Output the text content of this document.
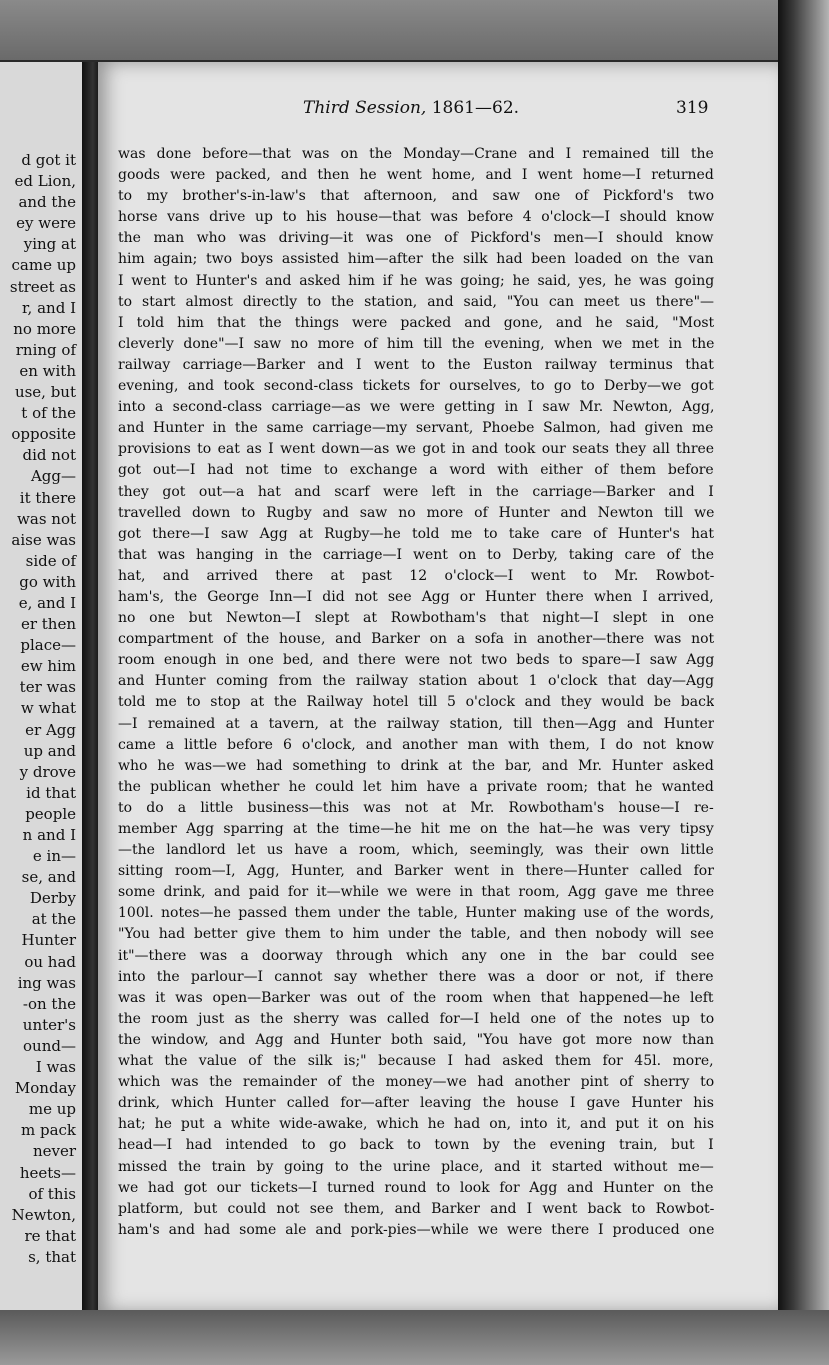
d got it
ed Lion,
and the
ey were
ying at
came up
street as
r, and I
no more
rning of
en with
use, but
t of the
opposite
did not
Agg—
it there
was not
aise was
side of
go with
e, and I
er then
place—
ew him
ter was
w what
er Agg
up and
y drove
id that
people
n and I
e in—
se, and
Derby
at the
Hunter
ou had
ing was
-on the
unter's
ound—
I was
Monday
me up
m pack
never
heets—
of this
Newton,
re that
s, that
Third Session, 1861—62.	319
was done before—that was on the Monday—Crane and I remained till the
goods were packed, and then he went home, and I went home—I returned
to my brother's-in-law's that afternoon, and saw one of Pickford's two
horse vans drive up to his house—that was before 4 o'clock—I should know
the man who was driving—it was one of Pickford's men—I should know
him again; two boys assisted him—after the silk had been loaded on the van
I went to Hunter's and asked him if he was going; he said, yes, he was going
to start almost directly to the station, and said, "You can meet us there"—
I told him that the things were packed and gone, and he said, "Most
cleverly done"—I saw no more of him till the evening, when we met in the
railway carriage—Barker and I went to the Euston railway terminus that
evening, and took second-class tickets for ourselves, to go to Derby—we got
into a second-class carriage—as we were getting in I saw Mr. Newton, Agg,
and Hunter in the same carriage—my servant, Phoebe Salmon, had given me
provisions to eat as I went down—as we got in and took our seats they all three
got out—I had not time to exchange a word with either of them before
they got out—a hat and scarf were left in the carriage—Barker and I
travelled down to Rugby and saw no more of Hunter and Newton till we
got there—I saw Agg at Rugby—he told me to take care of Hunter's hat
that was hanging in the carriage—I went on to Derby, taking care of the
hat, and arrived there at past 12 o'clock—I went to Mr. Rowbot-
ham's, the George Inn—I did not see Agg or Hunter there when I arrived,
no one but Newton—I slept at Rowbotham's that night—I slept in one
compartment of the house, and Barker on a sofa in another—there was not
room enough in one bed, and there were not two beds to spare—I saw Agg
and Hunter coming from the railway station about 1 o'clock that day—Agg
told me to stop at the Railway hotel till 5 o'clock and they would be back
—I remained at a tavern, at the railway station, till then—Agg and Hunter
came a little before 6 o'clock, and another man with them, I do not know
who he was—we had something to drink at the bar, and Mr. Hunter asked
the publican whether he could let him have a private room; that he wanted
to do a little business—this was not at Mr. Rowbotham's house—I re-
member Agg sparring at the time—he hit me on the hat—he was very tipsy
—the landlord let us have a room, which, seemingly, was their own little
sitting room—I, Agg, Hunter, and Barker went in there—Hunter called for
some drink, and paid for it—while we were in that room, Agg gave me three
100l. notes—he passed them under the table, Hunter making use of the words,
"You had better give them to him under the table, and then nobody will see
it"—there was a doorway through which any one in the bar could see
into the parlour—I cannot say whether there was a door or not, if there
was it was open—Barker was out of the room when that happened—he left
the room just as the sherry was called for—I held one of the notes up to
the window, and Agg and Hunter both said, "You have got more now than
what the value of the silk is;" because I had asked them for 45l. more,
which was the remainder of the money—we had another pint of sherry to
drink, which Hunter called for—after leaving the house I gave Hunter his
hat; he put a white wide-awake, which he had on, into it, and put it on his
head—I had intended to go back to town by the evening train, but I
missed the train by going to the urine place, and it started without me—
we had got our tickets—I turned round to look for Agg and Hunter on the
platform, but could not see them, and Barker and I went back to Rowbot-
ham's and had some ale and pork-pies—while we were there I produced one
